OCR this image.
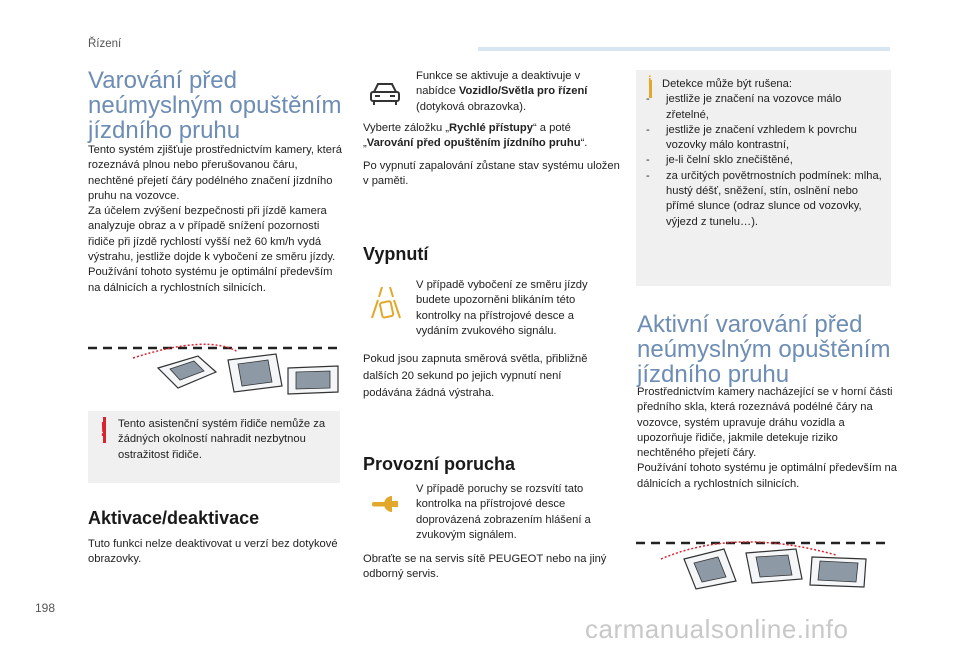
Řízení
Varování před
neúmyslným opuštěním
jízdního pruhu
Tento systém zjišťuje prostřednictvím kamery, která rozeznává plnou nebo přerušovanou čáru, nechtěné přejetí čáry podélného značení jízdního pruhu na vozovce.
Za účelem zvýšení bezpečnosti při jízdě kamera analyzuje obraz a v případě snížení pozornosti řidiče při jízdě rychlostí vyšší než 60 km/h vydá výstrahu, jestliže dojde k vybočení ze směru jízdy.
Používání tohoto systému je optimální především na dálnicích a rychlostních silnicích.
! Tento asistenční systém řidiče nemůže za žádných okolností nahradit nezbytnou ostražitost řidiče.
Aktivace/deaktivace
Tuto funkci nelze deaktivovat u verzí bez dotykové obrazovky.
Funkce se aktivuje a deaktivuje v nabídce Vozidlo/Světla pro řízení (dotyková obrazovka).
Vyberte záložku „Rychlé přístupy“ a poté „Varování před opuštěním jízdního pruhu“.
Po vypnutí zapalování zůstane stav systému uložen v paměti.
Vypnutí
V případě vybočení ze směru jízdy budete upozorněni blikáním této kontrolky na přístrojové desce a vydáním zvukového signálu.
Pokud jsou zapnuta směrová světla, přibližně dalších 20 sekund po jejich vypnutí není podávána žádná výstraha.
Provozní porucha
V případě poruchy se rozsvítí tato kontrolka na přístrojové desce doprovázená zobrazením hlášení a zvukovým signálem.
Obraťte se na servis sítě PEUGEOT nebo na jiný odborný servis.
i Detekce může být rušena:
- jestliže je značení na vozovce málo zřetelné,
- jestliže je značení vzhledem k povrchu vozovky málo kontrastní,
- je-li čelní sklo znečištěné,
- za určitých povětrnostních podmínek: mlha, hustý déšť, sněžení, stín, oslnění nebo přímé slunce (odraz slunce od vozovky, výjezd z tunelu…).
Aktivní varování před
neúmyslným opuštěním
jízdního pruhu
Prostřednictvím kamery nacházející se v horní části předního skla, která rozeznává podélné čáry na vozovce, systém upravuje dráhu vozidla a upozorňuje řidiče, jakmile detekuje riziko nechtěného přejetí čáry.
Používání tohoto systému je optimální především na dálnicích a rychlostních silnicích.
198
carmanualsonline.info
